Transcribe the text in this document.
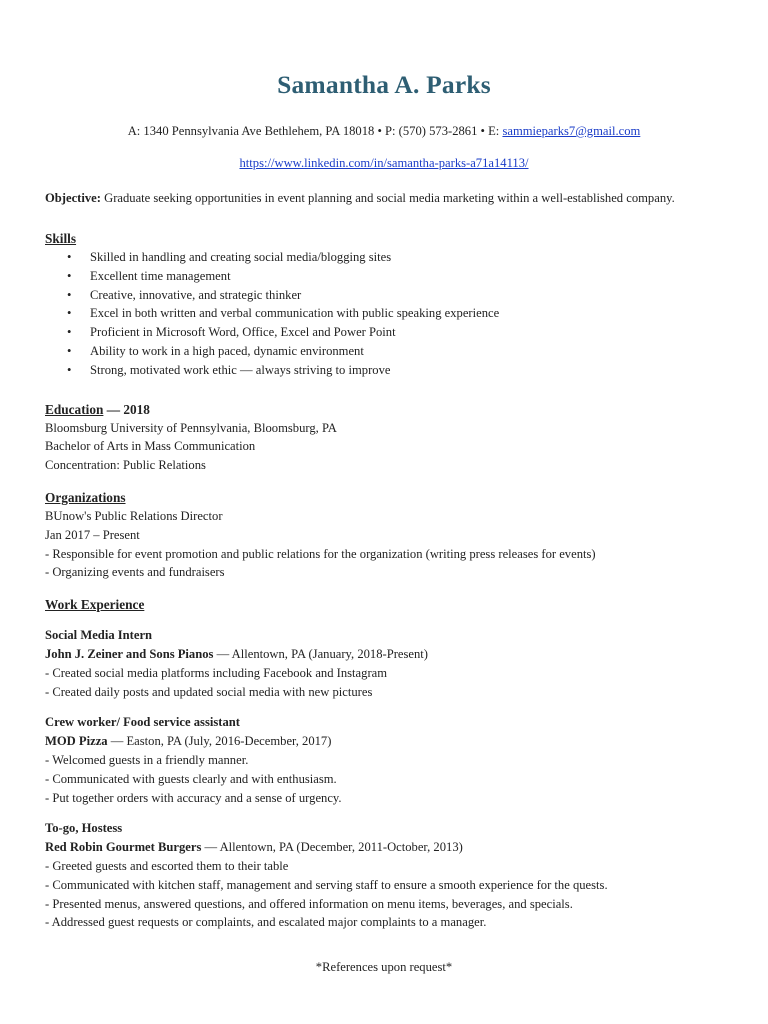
Samantha A. Parks
A: 1340 Pennsylvania Ave Bethlehem, PA 18018 • P: (570) 573-2861 • E: sammieparks7@gmail.com
https://www.linkedin.com/in/samantha-parks-a71a14113/

Objective: Graduate seeking opportunities in event planning and social media marketing within a well-established company.

Skills
• Skilled in handling and creating social media/blogging sites
• Excellent time management
• Creative, innovative, and strategic thinker
• Excel in both written and verbal communication with public speaking experience
• Proficient in Microsoft Word, Office, Excel and Power Point
• Ability to work in a high paced, dynamic environment
• Strong, motivated work ethic — always striving to improve
Education — 2018
Bloomsburg University of Pennsylvania, Bloomsburg, PA
Bachelor of Arts in Mass Communication
Concentration: Public Relations
Organizations
BUnow's Public Relations Director
Jan 2017 – Present
- Responsible for event promotion and public relations for the organization (writing press releases for events)
- Organizing events and fundraisers
Work Experience
Social Media Intern
John J. Zeiner and Sons Pianos — Allentown, PA (January, 2018-Present)
- Created social media platforms including Facebook and Instagram
- Created daily posts and updated social media with new pictures
Crew worker/ Food service assistant
MOD Pizza — Easton, PA (July, 2016-December, 2017)
- Welcomed guests in a friendly manner.
- Communicated with guests clearly and with enthusiasm.
- Put together orders with accuracy and a sense of urgency.
To-go, Hostess
Red Robin Gourmet Burgers — Allentown, PA (December, 2011-October, 2013)
- Greeted guests and escorted them to their table
- Communicated with kitchen staff, management and serving staff to ensure a smooth experience for the quests.
- Presented menus, answered questions, and offered information on menu items, beverages, and specials.
- Addressed guest requests or complaints, and escalated major complaints to a manager.
*References upon request*
